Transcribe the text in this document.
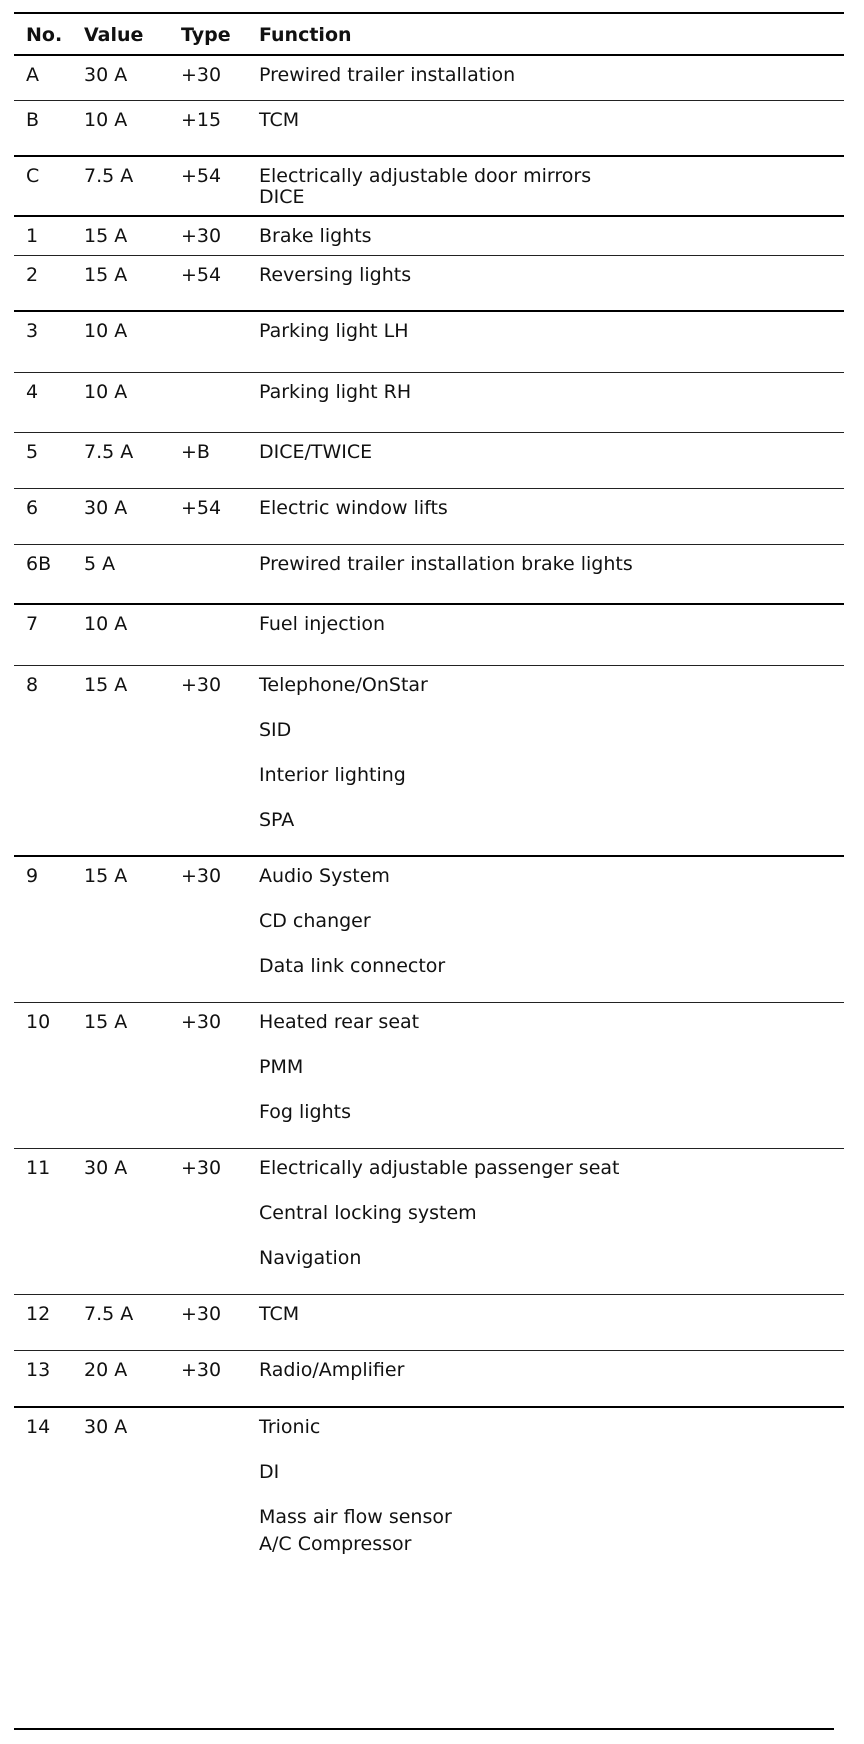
No. Value Type Function
A 30 A	+30 Prewired trailer installation
B 10 A	+15 TCM
C 7.5 A	+54 Electrically adjustable door mirrors
DICE
1 15 A	+30 Brake lights
2 15 A	+54 Reversing lights
3 10 A	Parking light LH
4 10 A	Parking light RH
5 7.5 A	+B	DICE/TWICE
6 30 A	+54 Electric window lifts
6B 5 A	Prewired trailer installation brake lights
7 10 A	Fuel injection
8 15 A	+30 Telephone/OnStar
SID
Interior lighting
SPA
9 15 A	+30 Audio System
CD changer
Data link connector
10 15 A	+30 Heated rear seat
PMM
Fog lights
11 30 A	+30 Electrically adjustable passenger seat
Central locking system
Navigation
12 7.5 A	+30 TCM
13 20 A	+30 Radio/Amplifier
14 30 A	Trionic
DI
Mass air flow sensor
A/C Compressor
